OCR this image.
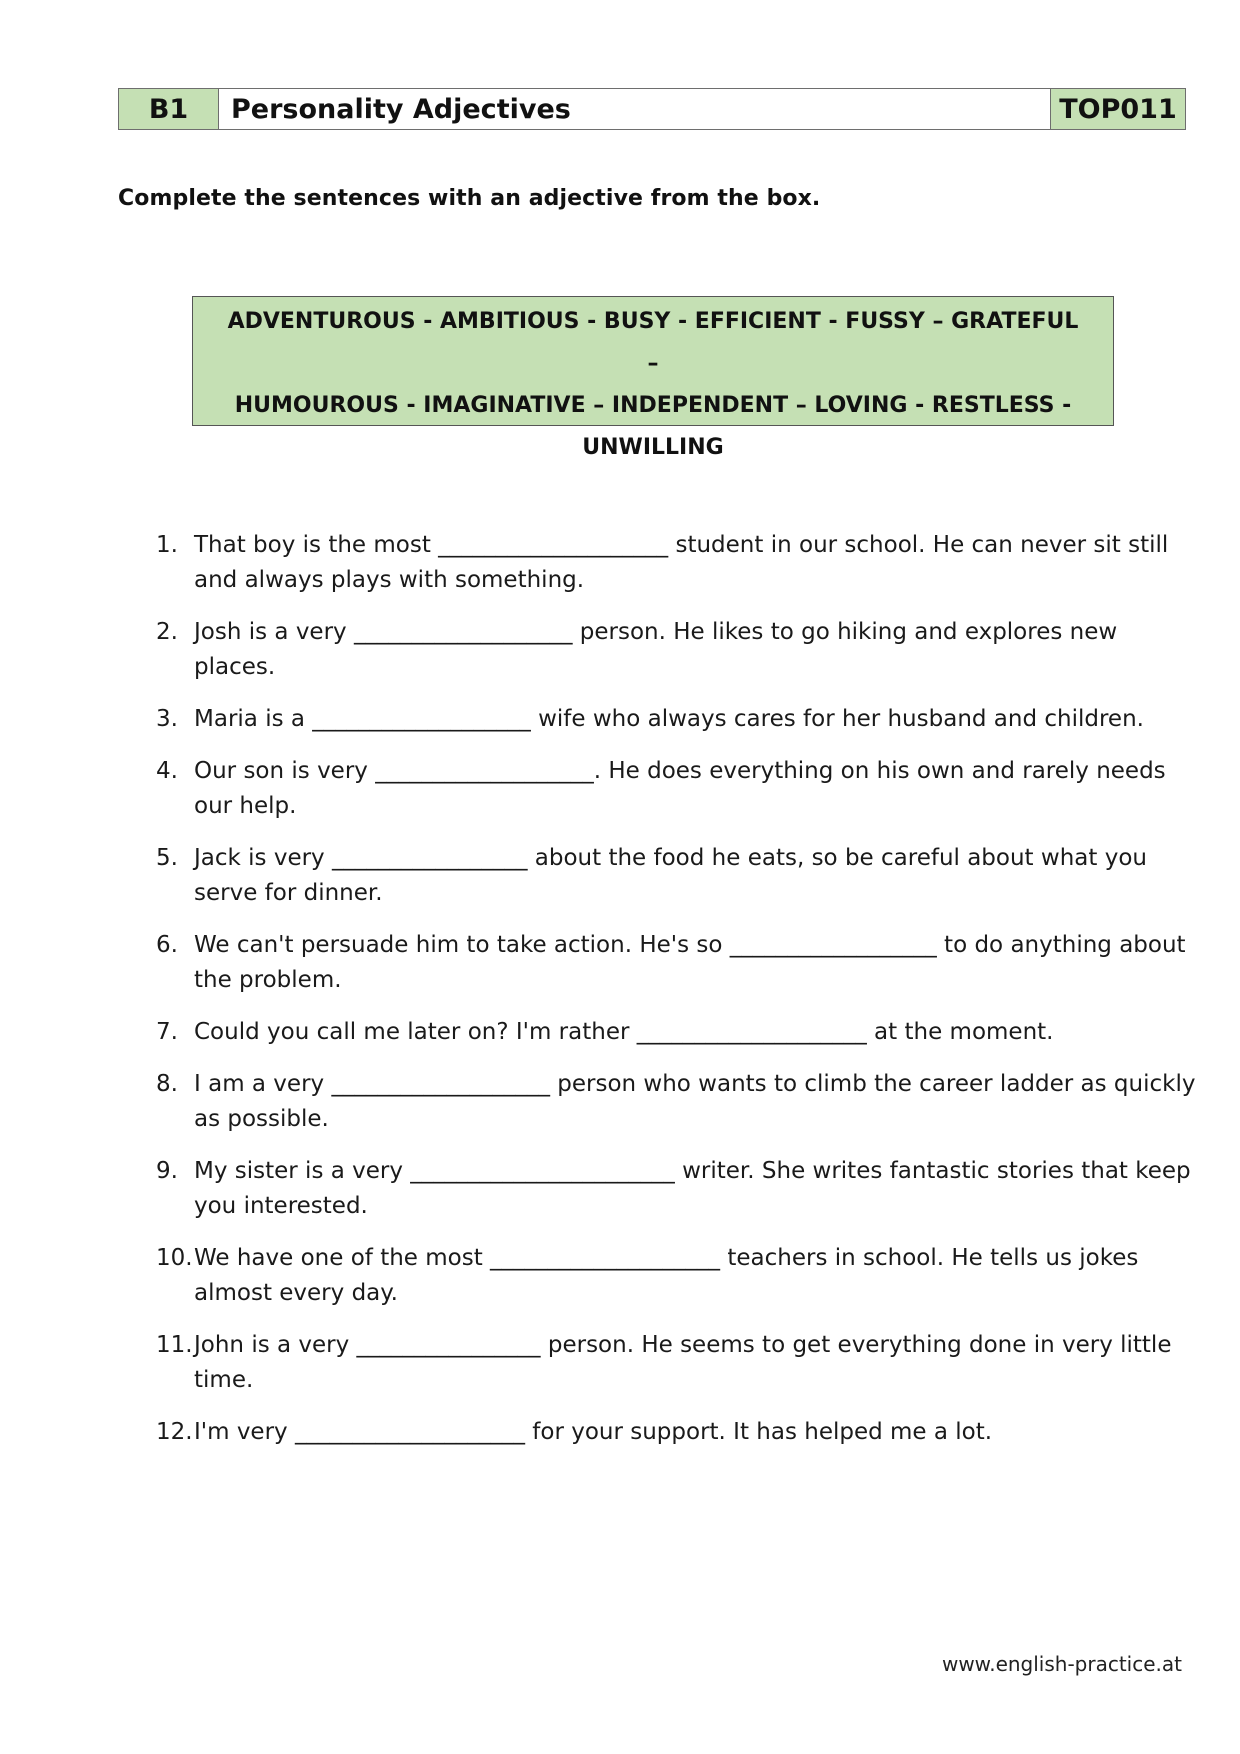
B1	Personality Adjectives	TOP011
Complete the sentences with an adjective from the box.
ADVENTUROUS - AMBITIOUS - BUSY - EFFICIENT - FUSSY – GRATEFUL –
HUMOUROUS - IMAGINATIVE – INDEPENDENT – LOVING - RESTLESS -
UNWILLING
1. That boy is the most ____________________ student in our school. He can never sit still and always plays with something.
2. Josh is a very ___________________ person. He likes to go hiking and explores new places.
3. Maria is a ___________________ wife who always cares for her husband and children.
4. Our son is very ___________________. He does everything on his own and rarely needs our help.
5. Jack is very _________________ about the food he eats, so be careful about what you serve for dinner.
6. We can't persuade him to take action. He's so __________________ to do anything about the problem.
7. Could you call me later on? I'm rather ____________________ at the moment.
8. I am a very ___________________ person who wants to climb the career ladder as quickly as possible.
9. My sister is a very _______________________ writer. She writes fantastic stories that keep you interested.
10. We have one of the most ____________________ teachers in school. He tells us jokes almost every day.
11. John is a very ________________ person. He seems to get everything done in very little time.
12. I'm very ____________________ for your support. It has helped me a lot.
www.english-practice.at
